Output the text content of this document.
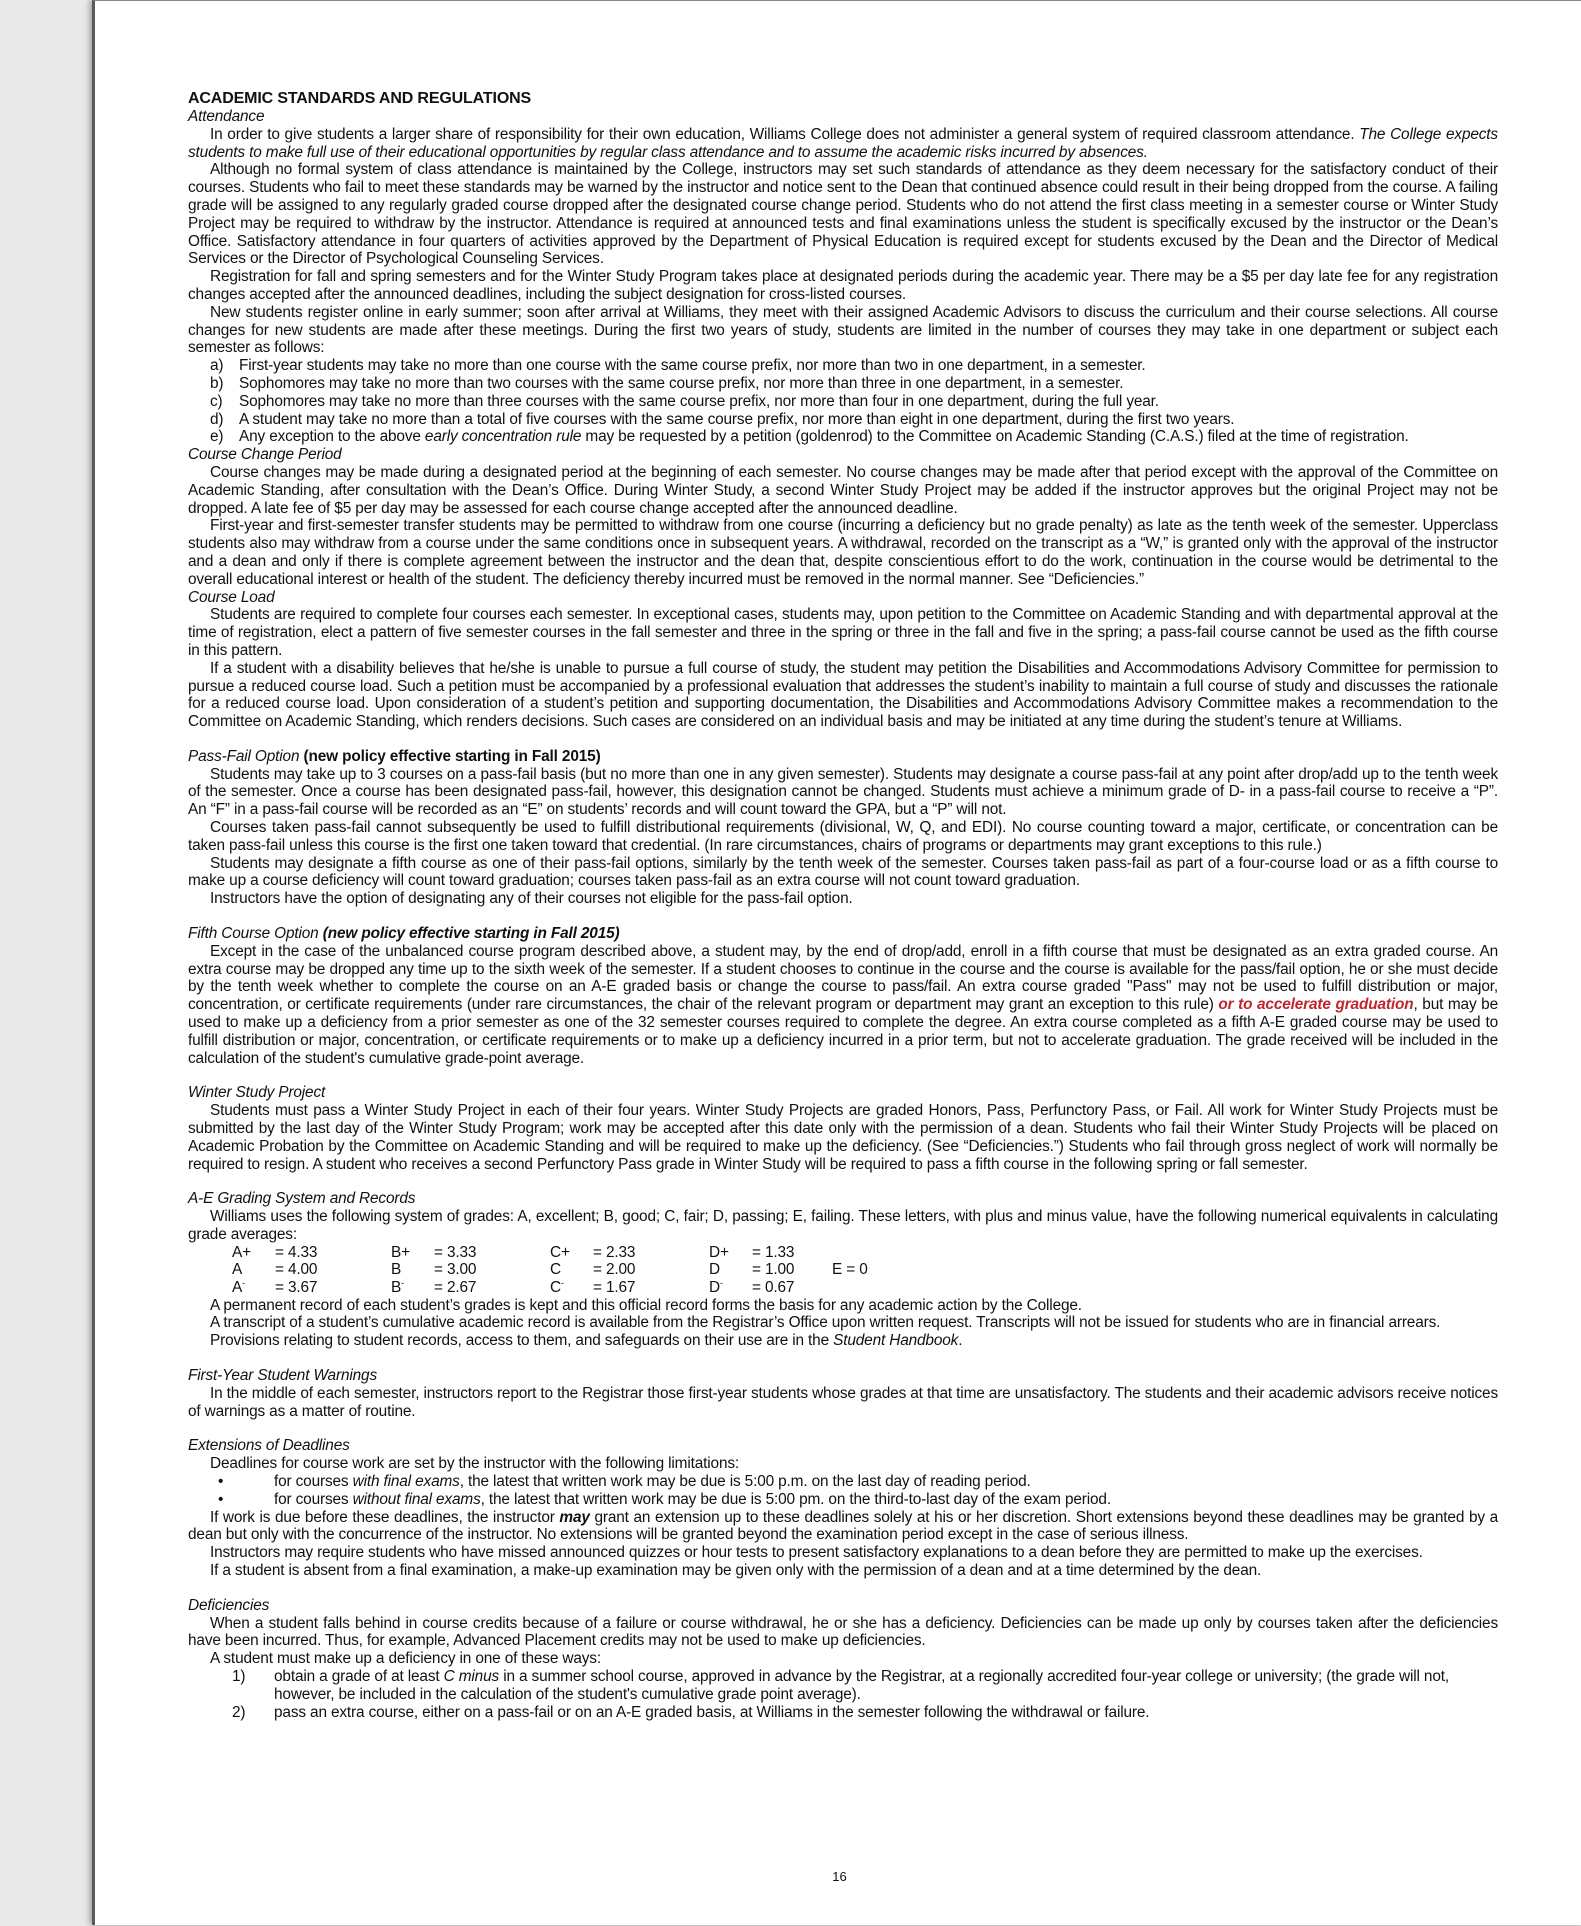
ACADEMIC STANDARDS AND REGULATIONS
Attendance

In order to give students a larger share of responsibility for their own education, Williams College does not administer a general system of required classroom attendance. The College expects students to make full use of their educational opportunities by regular class attendance and to assume the academic risks incurred by absences.

Although no formal system of class attendance is maintained by the College, instructors may set such standards of attendance as they deem necessary for the satisfactory conduct of their courses. Students who fail to meet these standards may be warned by the instructor and notice sent to the Dean that continued absence could result in their being dropped from the course. A failing grade will be assigned to any regularly graded course dropped after the designated course change period. Students who do not attend the first class meeting in a semester course or Winter Study Project may be required to withdraw by the instructor. Attendance is required at announced tests and final examinations unless the student is specifically excused by the instructor or the Dean’s Office. Satisfactory attendance in four quarters of activities approved by the Department of Physical Education is required except for students excused by the Dean and the Director of Medical Services or the Director of Psychological Counseling Services.

Registration for fall and spring semesters and for the Winter Study Program takes place at designated periods during the academic year. There may be a $5 per day late fee for any registration changes accepted after the announced deadlines, including the subject designation for cross-listed courses.

New students register online in early summer; soon after arrival at Williams, they meet with their assigned Academic Advisors to discuss the curriculum and their course selections. All course changes for new students are made after these meetings. During the first two years of study, students are limited in the number of courses they may take in one department or subject each semester as follows:

a)	First-year students may take no more than one course with the same course prefix, nor more than two in one department, in a semester.
b)	Sophomores may take no more than two courses with the same course prefix, nor more than three in one department, in a semester.
c)	Sophomores may take no more than three courses with the same course prefix, nor more than four in one department, during the full year.
d)	A student may take no more than a total of five courses with the same course prefix, nor more than eight in one department, during the first two years.
e)	Any exception to the above early concentration rule may be requested by a petition (goldenrod) to the Committee on Academic Standing (C.A.S.) filed at the time of registration.
Course Change Period

Course changes may be made during a designated period at the beginning of each semester. No course changes may be made after that period except with the approval of the Committee on Academic Standing, after consultation with the Dean’s Office. During Winter Study, a second Winter Study Project may be added if the instructor approves but the original Project may not be dropped. A late fee of $5 per day may be assessed for each course change accepted after the announced deadline.

First-year and first-semester transfer students may be permitted to withdraw from one course (incurring a deficiency but no grade penalty) as late as the tenth week of the semester. Upperclass students also may withdraw from a course under the same conditions once in subsequent years. A withdrawal, recorded on the transcript as a “W,” is granted only with the approval of the instructor and a dean and only if there is complete agreement between the instructor and the dean that, despite conscientious effort to do the work, continuation in the course would be detrimental to the overall educational interest or health of the student. The deficiency thereby incurred must be removed in the normal manner. See “Deficiencies.”

Course Load

Students are required to complete four courses each semester. In exceptional cases, students may, upon petition to the Committee on Academic Standing and with departmental approval at the time of registration, elect a pattern of five semester courses in the fall semester and three in the spring or three in the fall and five in the spring; a pass-fail course cannot be used as the fifth course in this pattern.

If a student with a disability believes that he/she is unable to pursue a full course of study, the student may petition the Disabilities and Accommodations Advisory Committee for permission to pursue a reduced course load. Such a petition must be accompanied by a professional evaluation that addresses the student’s inability to maintain a full course of study and discusses the rationale for a reduced course load. Upon consideration of a student’s petition and supporting documentation, the Disabilities and Accommodations Advisory Committee makes a recommendation to the Committee on Academic Standing, which renders decisions. Such cases are considered on an individual basis and may be initiated at any time during the student’s tenure at Williams.

Pass-Fail Option (new policy effective starting in Fall 2015)

Students may take up to 3 courses on a pass-fail basis (but no more than one in any given semester). Students may designate a course pass-fail at any point after drop/add up to the tenth week of the semester. Once a course has been designated pass-fail, however, this designation cannot be changed. Students must achieve a minimum grade of D- in a pass-fail course to receive a “P”. An “F” in a pass-fail course will be recorded as an “E” on students’ records and will count toward the GPA, but a “P” will not.

Courses taken pass-fail cannot subsequently be used to fulfill distributional requirements (divisional, W, Q, and EDI). No course counting toward a major, certificate, or concentration can be taken pass-fail unless this course is the first one taken toward that credential. (In rare circumstances, chairs of programs or departments may grant exceptions to this rule.)

Students may designate a fifth course as one of their pass-fail options, similarly by the tenth week of the semester. Courses taken pass-fail as part of a four-course load or as a fifth course to make up a course deficiency will count toward graduation; courses taken pass-fail as an extra course will not count toward graduation.

Instructors have the option of designating any of their courses not eligible for the pass-fail option.

Fifth Course Option (new policy effective starting in Fall 2015)

Except in the case of the unbalanced course program described above, a student may, by the end of drop/add, enroll in a fifth course that must be designated as an extra graded course. An extra course may be dropped any time up to the sixth week of the semester. If a student chooses to continue in the course and the course is available for the pass/fail option, he or she must decide by the tenth week whether to complete the course on an A-E graded basis or change the course to pass/fail. An extra course graded "Pass" may not be used to fulfill distribution or major, concentration, or certificate requirements (under rare circumstances, the chair of the relevant program or department may grant an exception to this rule) or to accelerate graduation, but may be used to make up a deficiency from a prior semester as one of the 32 semester courses required to complete the degree. An extra course completed as a fifth A-E graded course may be used to fulfill distribution or major, concentration, or certificate requirements or to make up a deficiency incurred in a prior term, but not to accelerate graduation. The grade received will be included in the calculation of the student's cumulative grade-point average.

Winter Study Project

Students must pass a Winter Study Project in each of their four years. Winter Study Projects are graded Honors, Pass, Perfunctory Pass, or Fail. All work for Winter Study Projects must be submitted by the last day of the Winter Study Program; work may be accepted after this date only with the permission of a dean. Students who fail their Winter Study Projects will be placed on Academic Probation by the Committee on Academic Standing and will be required to make up the deficiency. (See “Deficiencies.”) Students who fail through gross neglect of work will normally be required to resign. A student who receives a second Perfunctory Pass grade in Winter Study will be required to pass a fifth course in the following spring or fall semester.

A-E Grading System and Records

Williams uses the following system of grades: A, excellent; B, good; C, fair; D, passing; E, failing. These letters, with plus and minus value, have the following numerical equivalents in calculating grade averages:

A+	= 4.33	B+	= 3.33	C+	= 2.33	D+	= 1.33	
A	= 4.00	B	= 3.00	C	= 2.00	D	= 1.00	E = 0
A-	= 3.67	B-	= 2.67	C-	= 1.67	D-	= 0.67	

A permanent record of each student’s grades is kept and this official record forms the basis for any academic action by the College.

A transcript of a student’s cumulative academic record is available from the Registrar’s Office upon written request. Transcripts will not be issued for students who are in financial arrears.

Provisions relating to student records, access to them, and safeguards on their use are in the Student Handbook.

First-Year Student Warnings

In the middle of each semester, instructors report to the Registrar those first-year students whose grades at that time are unsatisfactory. The students and their academic advisors receive notices of warnings as a matter of routine.

Extensions of Deadlines

Deadlines for course work are set by the instructor with the following limitations:

•	for courses with final exams, the latest that written work may be due is 5:00 p.m. on the last day of reading period.
•	for courses without final exams, the latest that written work may be due is 5:00 pm. on the third-to-last day of the exam period.

If work is due before these deadlines, the instructor may grant an extension up to these deadlines solely at his or her discretion. Short extensions beyond these deadlines may be granted by a dean but only with the concurrence of the instructor. No extensions will be granted beyond the examination period except in the case of serious illness.

Instructors may require students who have missed announced quizzes or hour tests to present satisfactory explanations to a dean before they are permitted to make up the exercises.

If a student is absent from a final examination, a make-up examination may be given only with the permission of a dean and at a time determined by the dean.

Deficiencies

When a student falls behind in course credits because of a failure or course withdrawal, he or she has a deficiency. Deficiencies can be made up only by courses taken after the deficiencies have been incurred. Thus, for example, Advanced Placement credits may not be used to make up deficiencies.

A student must make up a deficiency in one of these ways:

1)	obtain a grade of at least C minus in a summer school course, approved in advance by the Registrar, at a regionally accredited four-year college or university; (the grade will not, however, be included in the calculation of the student's cumulative grade point average).
2)	pass an extra course, either on a pass-fail or on an A-E graded basis, at Williams in the semester following the withdrawal or failure.
16
